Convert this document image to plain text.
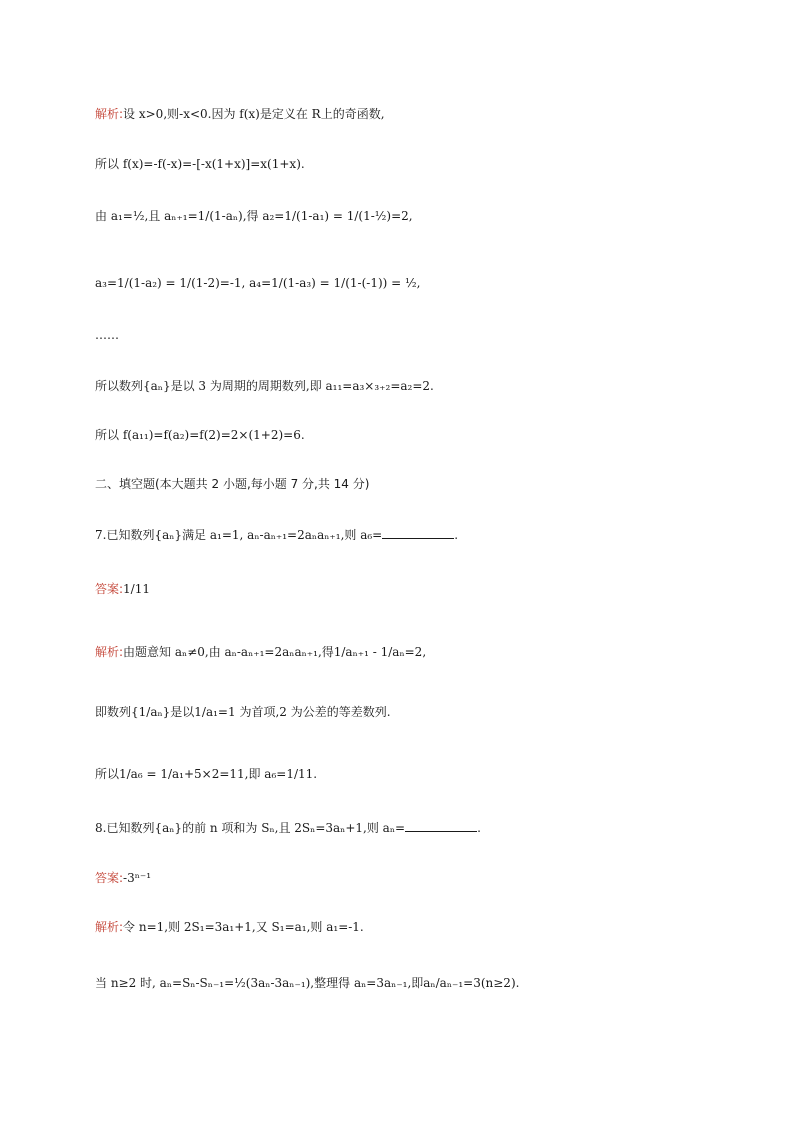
解析:设 x>0,则-x<0.因为 f(x)是定义在 R上的奇函数,
所以 f(x)=-f(-x)=-[-x(1+x)]=x(1+x).
由 a₁=½,且 aₙ₊₁=1/(1-aₙ),得 a₂=1/(1-a₁) = 1/(1-½)=2,
a₃=1/(1-a₂) = 1/(1-2)=-1, a₄=1/(1-a₃) = 1/(1-(-1)) = ½,
……
所以数列{aₙ}是以 3 为周期的周期数列,即 a₁₁=a₃×₃₊₂=a₂=2.
所以 f(a₁₁)=f(a₂)=f(2)=2×(1+2)=6.
二、填空题(本大题共 2 小题,每小题 7 分,共 14 分)
7.已知数列{aₙ}满足 a₁=1, aₙ-aₙ₊₁=2aₙaₙ₊₁,则 a₆=	.
答案:1/11
解析:由题意知 aₙ≠0,由 aₙ-aₙ₊₁=2aₙaₙ₊₁,得1/aₙ₊₁ - 1/aₙ=2,
即数列{1/aₙ}是以1/a₁=1 为首项,2 为公差的等差数列.
所以1/a₆ = 1/a₁+5×2=11,即 a₆=1/11.
8.已知数列{aₙ}的前 n 项和为 Sₙ,且 2Sₙ=3aₙ+1,则 aₙ=	.
答案:-3ⁿ⁻¹
解析:令 n=1,则 2S₁=3a₁+1,又 S₁=a₁,则 a₁=-1.
当 n≥2 时, aₙ=Sₙ-Sₙ₋₁=½(3aₙ-3aₙ₋₁),整理得 aₙ=3aₙ₋₁,即aₙ/aₙ₋₁=3(n≥2).
